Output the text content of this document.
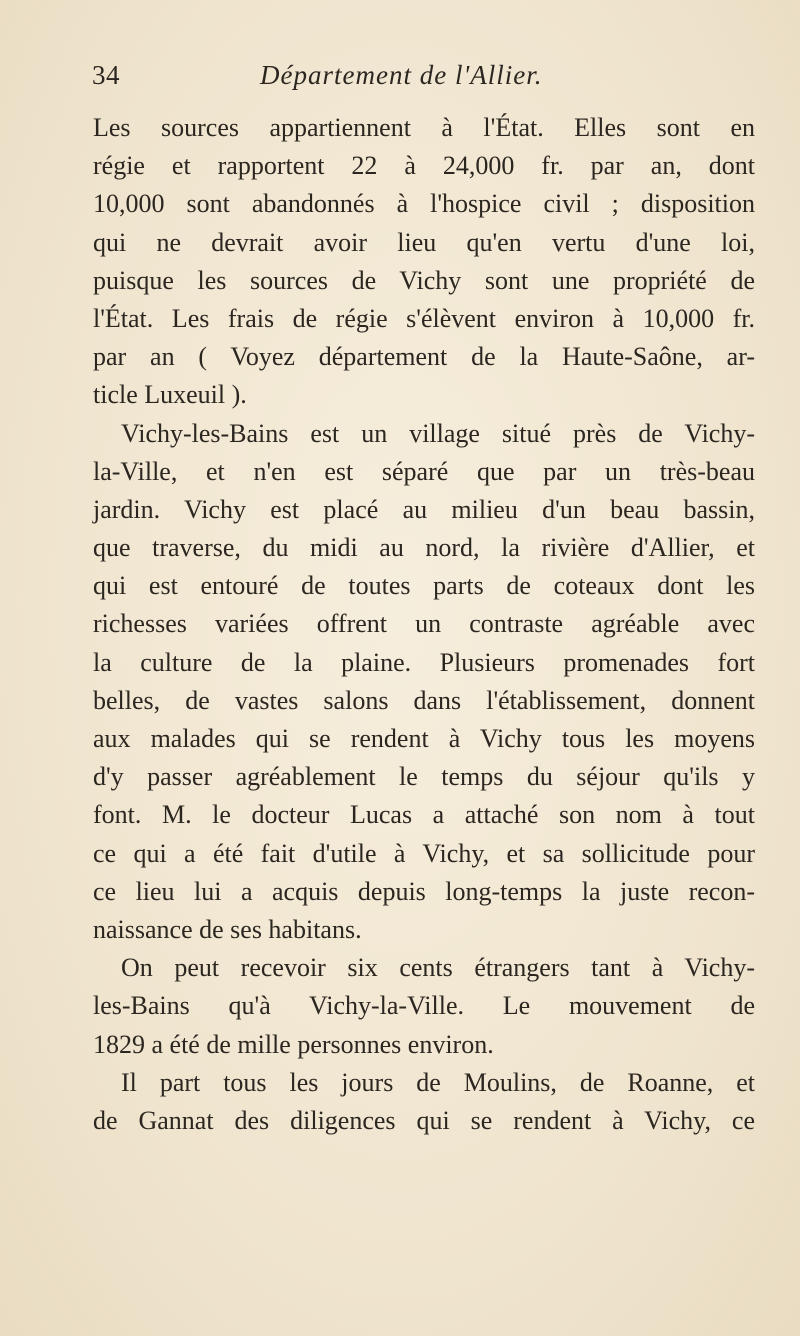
34	Département de l'Allier.
Les sources appartiennent à l'État. Elles sont en
régie et rapportent 22 à 24,000 fr. par an, dont
10,000 sont abandonnés à l'hospice civil ; disposition
qui ne devrait avoir lieu qu'en vertu d'une loi,
puisque les sources de Vichy sont une propriété de
l'État. Les frais de régie s'élèvent environ à 10,000 fr.
par an ( Voyez département de la Haute-Saône, ar-
ticle Luxeuil ).
Vichy-les-Bains est un village situé près de Vichy-
la-Ville, et n'en est séparé que par un très-beau
jardin. Vichy est placé au milieu d'un beau bassin,
que traverse, du midi au nord, la rivière d'Allier, et
qui est entouré de toutes parts de coteaux dont les
richesses variées offrent un contraste agréable avec
la culture de la plaine. Plusieurs promenades fort
belles, de vastes salons dans l'établissement, donnent
aux malades qui se rendent à Vichy tous les moyens
d'y passer agréablement le temps du séjour qu'ils y
font. M. le docteur Lucas a attaché son nom à tout
ce qui a été fait d'utile à Vichy, et sa sollicitude pour
ce lieu lui a acquis depuis long-temps la juste recon-
naissance de ses habitans.
On peut recevoir six cents étrangers tant à Vichy-
les-Bains qu'à Vichy-la-Ville. Le mouvement de
1829 a été de mille personnes environ.
Il part tous les jours de Moulins, de Roanne, et
de Gannat des diligences qui se rendent à Vichy, ce
